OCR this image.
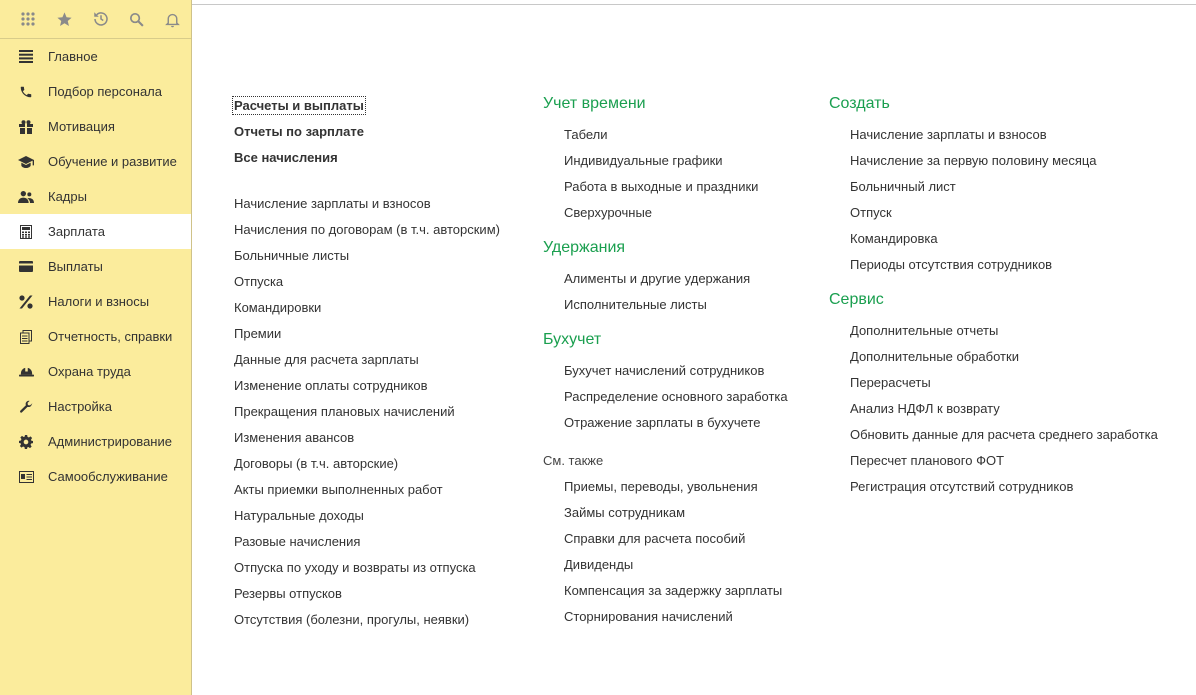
Главное
Подбор персонала
Мотивация
Обучение и развитие
Кадры
Зарплата
Выплаты
Налоги и взносы
Отчетность, справки
Охрана труда
Настройка
Администрирование
Самообслуживание
Расчеты и выплаты
Отчеты по зарплате
Все начисления
Начисление зарплаты и взносов
Начисления по договорам (в т.ч. авторским)
Больничные листы
Отпуска
Командировки
Премии
Данные для расчета зарплаты
Изменение оплаты сотрудников
Прекращения плановых начислений
Изменения авансов
Договоры (в т.ч. авторские)
Акты приемки выполненных работ
Натуральные доходы
Разовые начисления
Отпуска по уходу и возвраты из отпуска
Резервы отпусков
Отсутствия (болезни, прогулы, неявки)
Учет времени
Табели
Индивидуальные графики
Работа в выходные и праздники
Сверхурочные
Удержания
Алименты и другие удержания
Исполнительные листы
Бухучет
Бухучет начислений сотрудников
Распределение основного заработка
Отражение зарплаты в бухучете
См. также
Приемы, переводы, увольнения
Займы сотрудникам
Справки для расчета пособий
Дивиденды
Компенсация за задержку зарплаты
Сторнирования начислений
Создать
Начисление зарплаты и взносов
Начисление за первую половину месяца
Больничный лист
Отпуск
Командировка
Периоды отсутствия сотрудников
Сервис
Дополнительные отчеты
Дополнительные обработки
Перерасчеты
Анализ НДФЛ к возврату
Обновить данные для расчета среднего заработка
Пересчет планового ФОТ
Регистрация отсутствий сотрудников
